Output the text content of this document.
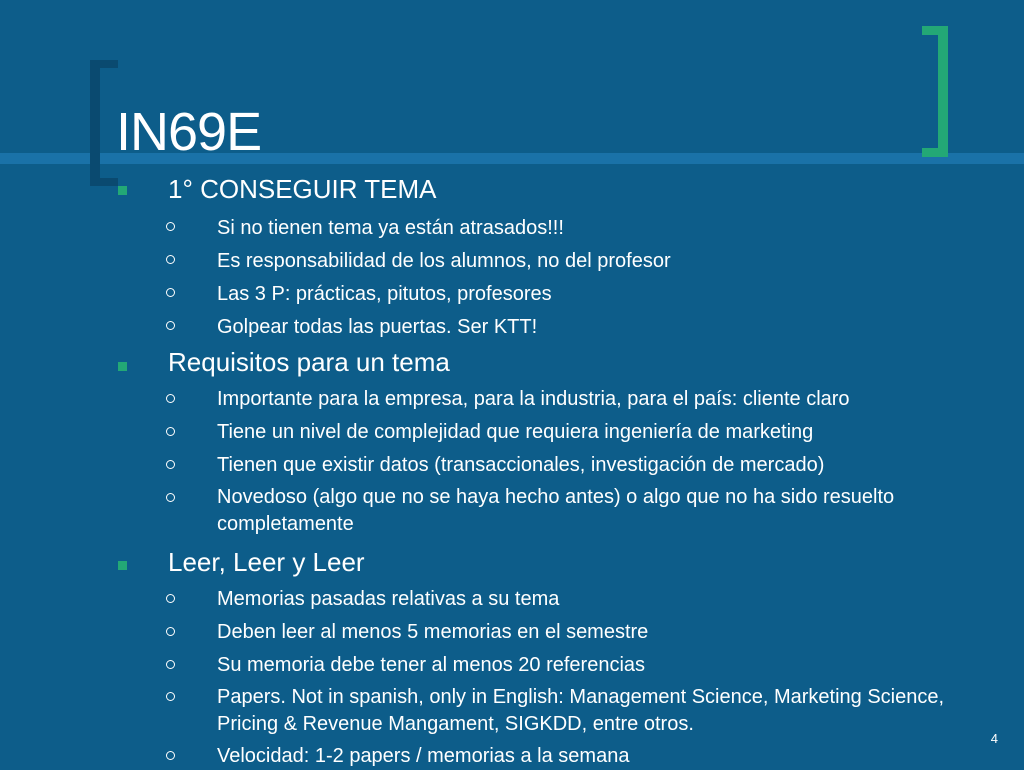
IN69E
1° CONSEGUIR TEMA
Si no tienen tema ya están atrasados!!!
Es responsabilidad de los alumnos, no del profesor
Las 3 P: prácticas, pitutos, profesores
Golpear todas las puertas. Ser KTT!
Requisitos para un tema
Importante para la empresa, para la industria, para el país: cliente claro
Tiene un nivel de complejidad que requiera ingeniería de marketing
Tienen que existir datos (transaccionales, investigación de mercado)
Novedoso (algo que no se haya hecho antes) o algo que no ha sido resuelto completamente
Leer, Leer y Leer
Memorias pasadas relativas a su tema
Deben leer al menos 5 memorias en el semestre
Su memoria debe tener al menos 20 referencias
Papers. Not in spanish, only in English: Management Science, Marketing Science, Pricing & Revenue Mangament, SIGKDD, entre otros.
Velocidad: 1-2 papers / memorias a la semana
4
